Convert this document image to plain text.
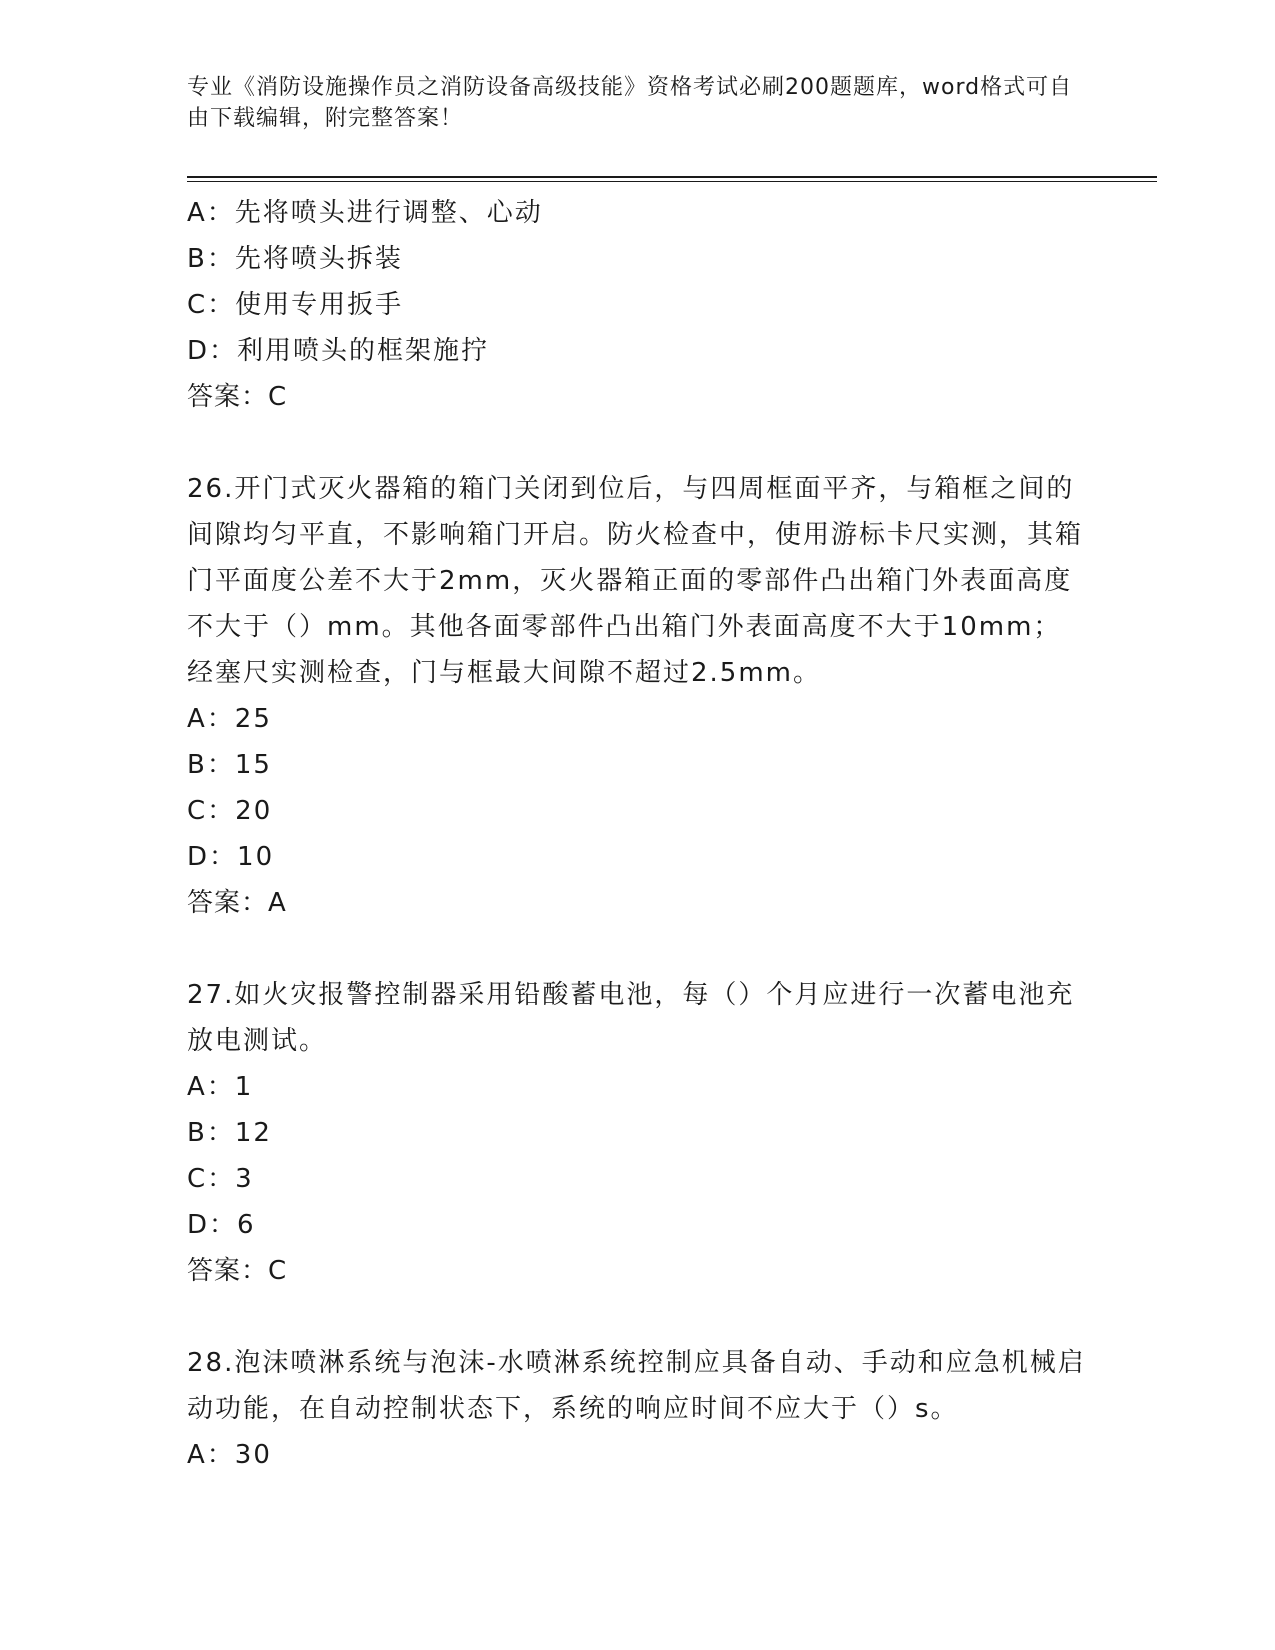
专业《消防设施操作员之消防设备高级技能》资格考试必刷200题题库，word格式可自由下载编辑，附完整答案！
A：先将喷头进行调整、心动
B：先将喷头拆装
C：使用专用扳手
D：利用喷头的框架施拧
答案：C
26.开门式灭火器箱的箱门关闭到位后，与四周框面平齐，与箱框之间的间隙均匀平直，不影响箱门开启。防火检查中，使用游标卡尺实测，其箱门平面度公差不大于2mm，灭火器箱正面的零部件凸出箱门外表面高度不大于（）mm。其他各面零部件凸出箱门外表面高度不大于10mm；经塞尺实测检查，门与框最大间隙不超过2.5mm。
A：25
B：15
C：20
D：10
答案：A
27.如火灾报警控制器采用铅酸蓄电池，每（）个月应进行一次蓄电池充放电测试。
A：1
B：12
C：3
D：6
答案：C
28.泡沫喷淋系统与泡沫-水喷淋系统控制应具备自动、手动和应急机械启动功能，在自动控制状态下，系统的响应时间不应大于（）s。
A：30
